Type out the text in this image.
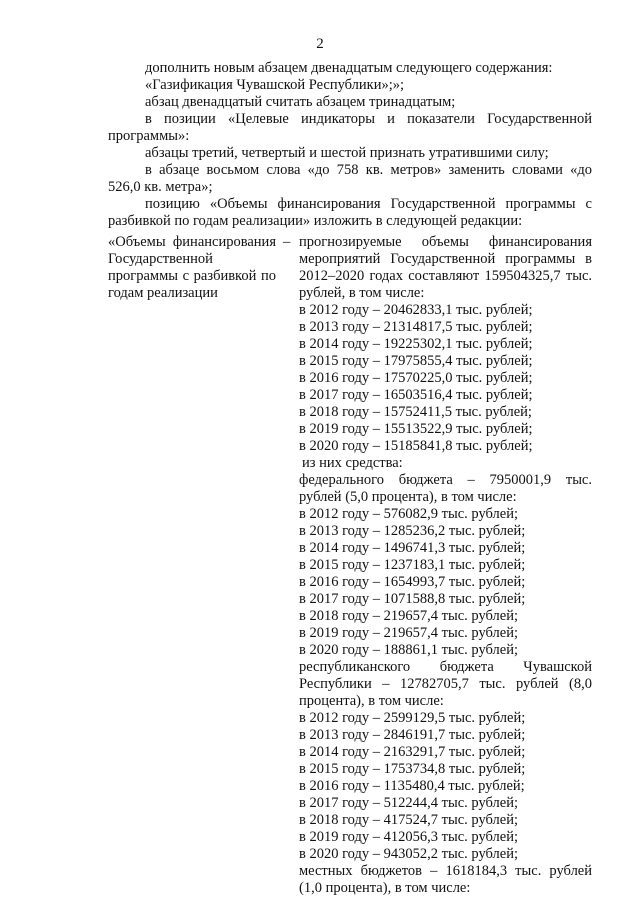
2

дополнить новым абзацем двенадцатым следующего содержания:

«Газификация Чувашской Республики»;»;

абзац двенадцатый считать абзацем тринадцатым;

в позиции «Целевые индикаторы и показатели Государственной программы»:

абзацы третий, четвертый и шестой признать утратившими силу;

в абзаце восьмом слова «до 758 кв. метров» заменить словами «до 526,0 кв. метра»;

позицию «Объемы финансирования Государственной программы с разбивкой по годам реализации» изложить в следующей редакции:

«Объемы финансирования Государственной программы с разбивкой по годам реализации
– прогнозируемые объемы финансирования мероприятий Государственной программы в 2012–2020 годах составляют 159504325,7 тыс. рублей, в том числе:

в 2012 году – 20462833,1 тыс. рублей;

в 2013 году – 21314817,5 тыс. рублей;

в 2014 году – 19225302,1 тыс. рублей;

в 2015 году – 17975855,4 тыс. рублей;

в 2016 году – 17570225,0 тыс. рублей;

в 2017 году – 16503516,4 тыс. рублей;

в 2018 году – 15752411,5 тыс. рублей;

в 2019 году – 15513522,9 тыс. рублей;

в 2020 году – 15185841,8 тыс. рублей;

из них средства:

федерального бюджета – 7950001,9 тыс. рублей (5,0 процента), в том числе:

в 2012 году – 576082,9 тыс. рублей;

в 2013 году – 1285236,2 тыс. рублей;

в 2014 году – 1496741,3 тыс. рублей;

в 2015 году – 1237183,1 тыс. рублей;

в 2016 году – 1654993,7 тыс. рублей;

в 2017 году – 1071588,8 тыс. рублей;

в 2018 году – 219657,4 тыс. рублей;

в 2019 году – 219657,4 тыс. рублей;

в 2020 году – 188861,1 тыс. рублей;

республиканского бюджета Чувашской Республики – 12782705,7 тыс. рублей (8,0 процента), в том числе:

в 2012 году – 2599129,5 тыс. рублей;

в 2013 году – 2846191,7 тыс. рублей;

в 2014 году – 2163291,7 тыс. рублей;

в 2015 году – 1753734,8 тыс. рублей;

в 2016 году – 1135480,4 тыс. рублей;

в 2017 году – 512244,4 тыс. рублей;

в 2018 году – 417524,7 тыс. рублей;

в 2019 году – 412056,3 тыс. рублей;

в 2020 году – 943052,2 тыс. рублей;

местных бюджетов – 1618184,3 тыс. рублей (1,0 процента), в том числе:
